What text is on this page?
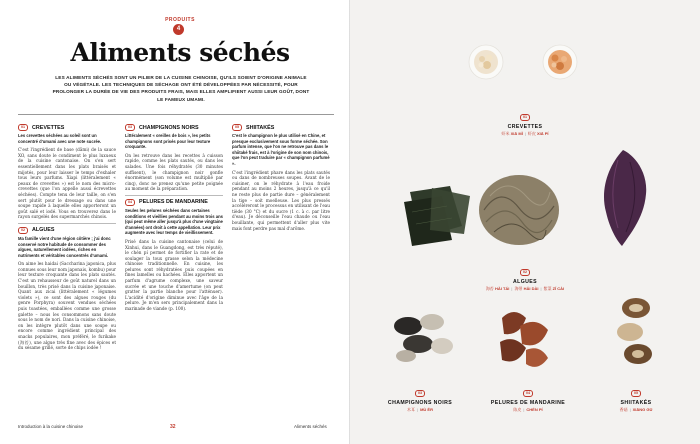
PRODUITS
4
Aliments séchés
LES ALIMENTS SÉCHÉS SONT UN PILIER DE LA CUISINE CHINOISE, QU'ILS SOIENT D'ORIGINE ANIMALE OU VÉGÉTALE. LES TECHNIQUES DE SÉCHAGE ONT ÉTÉ DÉVELOPPÉES PAR NÉCESSITÉ, POUR PROLONGER LA DURÉE DE VIE DES PRODUITS FRAIS, MAIS ELLES AMPLIFIENT AUSSI LEUR GOÛT, DONT LE FAMEUX UMAMI.
01	CREVETTES

Les crevettes séchées au soleil sont un concentré d'umami avec une note sucrée.

C'est l'ingrédient de base (dāmi) de la sauce XO, sans doute le condiment le plus luxueux de la cuisine cantonaise. On s'en sert essentiellement dans les plats braisés et mijotés, pour leur laisser le temps d'exhaler tous leurs parfums. Xiapi (littéralement « peaux de crevettes ») est le nom des micro-crevettes (que l'on appelle aussi écrevettes séchées). Compte tenu de leur taille, on s'en sert plutôt pour le dressage ou dans une soupe rapide à laquelle elles apporteront un goût salé et iodé. Vous en trouverez dans le rayon surgelés des supermarchés chinois.

02	ALGUES

Ma famille vient d'une région côtière ; j'ai donc conservé notre habitude de consommer des algues, naturellement iodées, riches en nutriments et véritables concentrés d'umami.

On aime les haidai (Saccharina japonica, plus connues sous leur nom japonais, kombu) pour leur texture croquante dans les plats sautés. C'est un rehausseur de goût naturel dans un bouillon, très prisé dans la cuisine japonaise. Quant aux zicai (littéralement « légumes violets »), ce sont des algues rouges (du genre Porphyra) souvent vendues séchées puis toastées, emballées comme une grosse galette – nous les consommons sans doute sous le nom de nori. Dans la cuisine chinoise, on les intègre plutôt dans une soupe ou encore comme ingrédient principal des snacks populaires, mon préféré, le furikake (海苔), une algue très fine avec des épices et du sésame grillé, sorte de chips iodée !

03	CHAMPIGNONS NOIRS

Littéralement « oreilles de bois », les petits champignons sont prisés pour leur texture croquante.

On les retrouve dans les recettes à cuisson rapide, comme les plats sautés, ou dans les salades. Une fois réhydratés (30 minutes suffisent), le champignon noir gonfle énormément (son volume est multiplié par cinq), donc ne prenez qu'une petite poignée au moment de la préparation.

04	PELURES DE MANDARINE

Seules les pelures séchées dans certaines conditions et vieillies pendant au moins trois ans (qui peut même aller jusqu'à plus d'une vingtaine d'années) ont droit à cette appellation. Leur prix augmente avec leur temps de vieillissement.

Prisé dans la cuisine cantonaise (celui de Xinhui, dans le Guangdong, est très réputé), le chén pí permet de fortifier la rate et de soulager la toux grasse selon la médecine chinoise traditionnelle. En cuisine, les pelures sont réhydratées puis coupées en fines lamelles ou hachées. Elles apportent un parfum d'agrume complexe, une saveur sucrée et une touche d'amertume (on peut gratter la partie blanche pour l'atténuer). L'acidité d'origine diminue avec l'âge de la pelure. Je m'en sers principalement dans la marinade de viande (p. 100).

05	SHIITAKÉS

C'est le champignon le plus utilisé en Chine, et presque exclusivement sous forme séchée. Son parfum intense, que l'on ne retrouve pas dans le shiitaké frais, est à l'origine de son nom chinois, que l'on peut traduire par « champignon parfumé ».

C'est l'ingrédient phare dans les plats sautés ou dans de nombreuses soupes. Avant de le cuisiner, on le réhydrate à l'eau froide pendant au moins 2 heures, jusqu'à ce qu'il ne reste plus de partie dure – généralement la tige – soit moelleuse. Les plus pressés accéléreront le processus en utilisant de l'eau tiède (30 °C) et du sucre (1 c. à c. par litre d'eau). Je déconseille l'eau chaude ou l'eau bouillante, qui permettent d'aller plus vite mais font perdre pas mal d'arôme.

Introduction à la cuisine chinoise	32	Aliments séchés
01
CREVETTES
虾米 XIĀ MǏ | 虾皮 XIĀ PÍ
02
ALGUES
海苔 HǍI TÁI | 海带 HǍI DÀI | 紫菜 ZǏ CÀI
03
CHAMPIGNONS NOIRS
木耳 | MÙ ĚR
04
PELURES DE MANDARINE
陈皮 | CHÉN PÍ
05
SHIITAKÉS
香菇 | XIĀNG GŪ
